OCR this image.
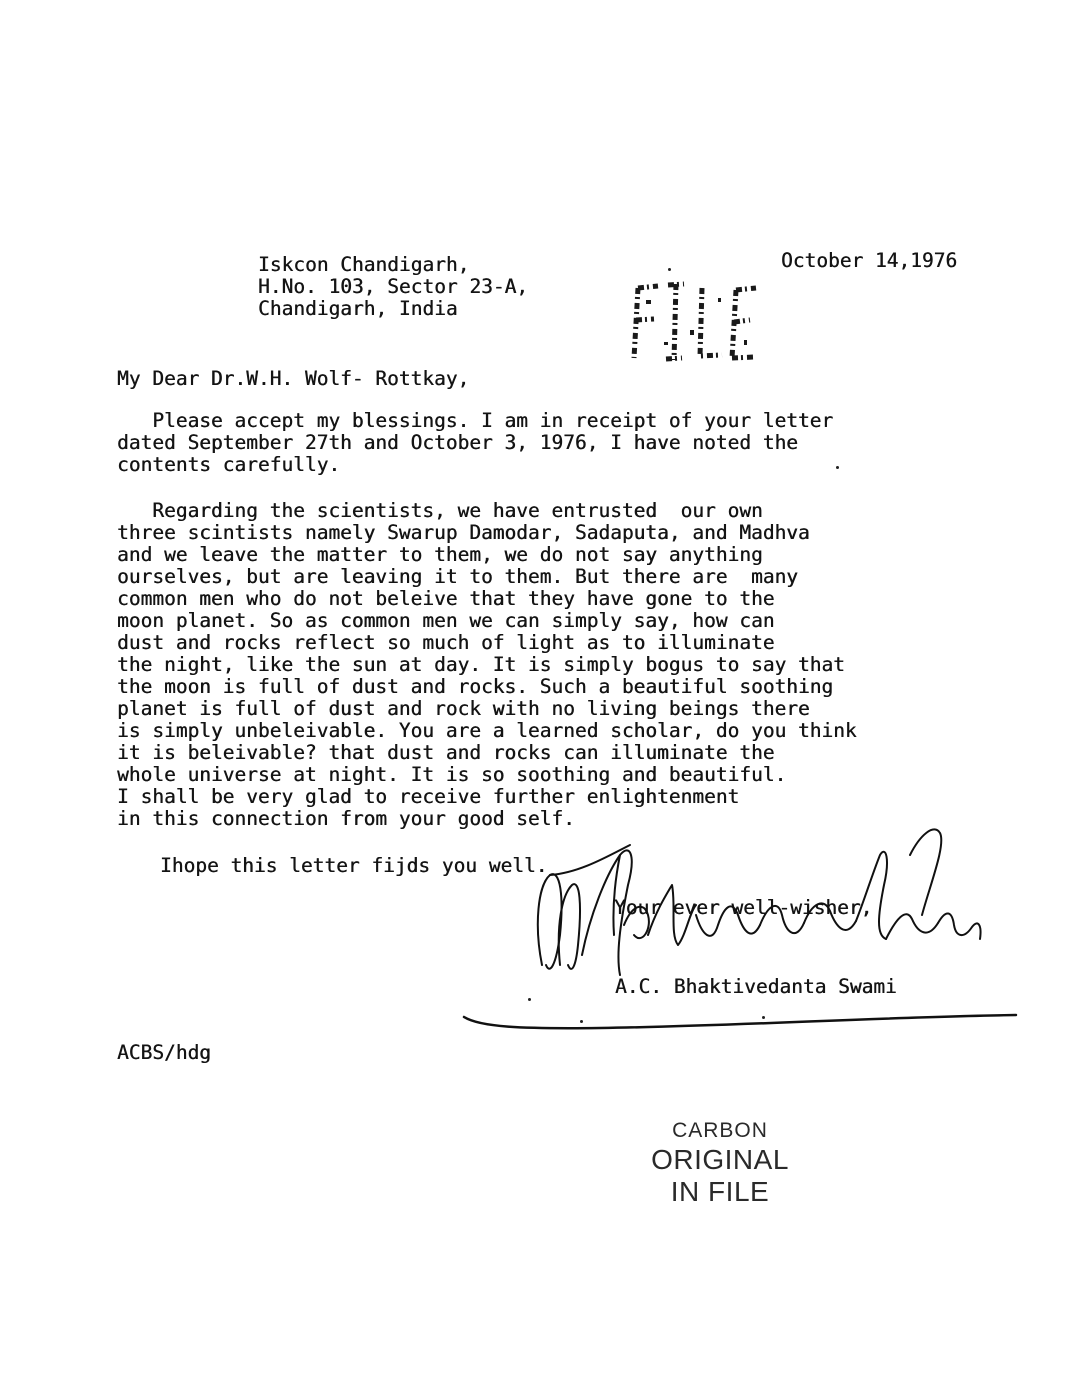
Iskcon Chandigarh,
H.No. 103, Sector 23-A,
Chandigarh, India
October 14,1976
FILE
My Dear Dr.W.H. Wolf- Rottkay,
Please accept my blessings. I am in receipt of your letter
dated September 27th and October 3, 1976, I have noted the
contents carefully.
Regarding the scientists, we have entrusted  our own
three scintists namely Swarup Damodar, Sadaputa, and Madhva
and we leave the matter to them, we do not say anything
ourselves, but are leaving it to them. But there are  many
common men who do not beleive that they have gone to the
moon planet. So as common men we can simply say, how can
dust and rocks reflect so much of light as to illuminate
the night, like the sun at day. It is simply bogus to say that
the moon is full of dust and rocks. Such a beautiful soothing
planet is full of dust and rock with no living beings there
is simply unbeleivable. You are a learned scholar, do you think
it is beleivable? that dust and rocks can illuminate the
whole universe at night. It is so soothing and beautiful.
I shall be very glad to receive further enlightenment
in this connection from your good self.
Ihope this letter fijds you well.
Your ever well-wisher,
A.C. Bhaktivedanta Swami
ACBS/hdg
CARBON
ORIGINAL
IN FILE
